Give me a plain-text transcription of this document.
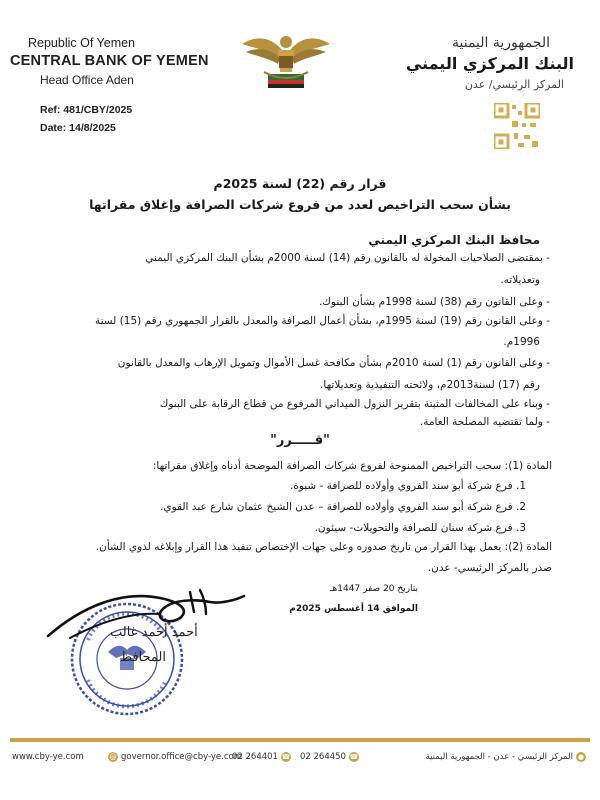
Republic Of Yemen
CENTRAL BANK OF YEMEN
Head Office Aden
Ref: 481/CBY/2025
Date: 14/8/2025
الجمهورية اليمنية
البنك المركزي اليمني
المركز الرئيسي/ عدن
قرار رقم (22) لسنة 2025م
بشأن سحب التراخيص لعدد من فروع شركات الصرافة وإغلاق مقراتها
محافظ البنك المركزي اليمني
- بمقتضى الصلاحيات المخولة له بالقانون رقم (14) لسنة 2000م بشأن البنك المركزي اليمني
وتعديلاته.
- وعلى القانون رقم (38) لسنة 1998م بشأن البنوك.
- وعلى القانون رقم (19) لسنة 1995م، بشأن أعمال الصرافة والمعدل بالقرار الجمهوري رقم (15) لسنة
1996م.
- وعلى القانون رقم (1) لسنة 2010م بشأن مكافحة غسل الأموال وتمويل الإرهاب والمعدل بالقانون
رقم (17) لسنة2013م، ولائحته التنفيذية وتعديلاتها.
- وبناء على المخالفات المثبتة بتقرير النزول الميداني المرفوع من قطاع الرقابة على البنوك
- ولما تقتضيه المصلحة العامة.
"قـــــرر"
المادة (1): سحب التراخيص الممنوحة لفروع شركات الصرافة الموضحة أدناه وإغلاق مقراتها:
1. فرع شركة أبو سند الفروي وأولاده للصرافة - شبوة.
2. فرع شركة أبو سند الفروي وأولاده للصرافة – عدن الشيخ عثمان شارع عبد القوي.
3. فرع شركة سنان للصرافة والتحويلات- سيئون.
المادة (2): يعمل بهذا القرار من تاريخ صدوره وعلى جهات الإختصاص تنفيذ هذا القرار وإبلاغه لذوي الشأن.
صدر بالمركز الرئيسي- عدن.
بتاريخ 20 صفر 1447هـ
الموافق 14 أغسطس 2025م
أحمد أحمد غالب
المحافظ
www.cby-ye.com	@ governor.office@cby-ye.com
02 264401 ☎ 02 264450 ☎	●
المركز الرئيسي - عدن - الجمهورية اليمنية
